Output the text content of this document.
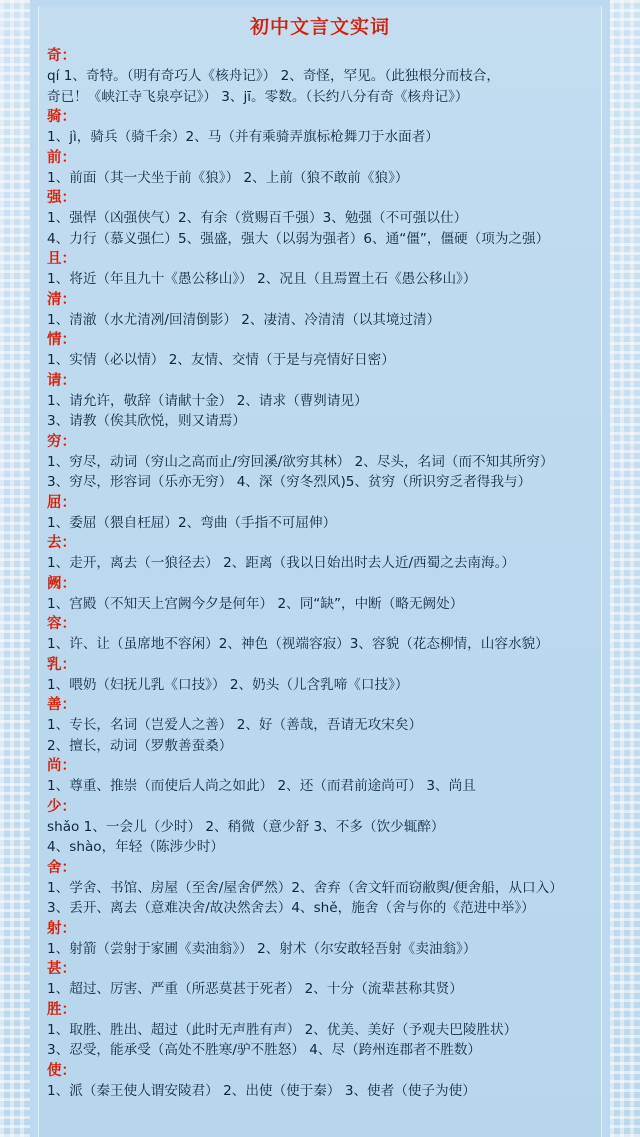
初中文言文实词
奇：
qí 1、奇特。（明有奇巧人《核舟记》） 2、奇怪，罕见。（此独根分而枝合，
奇已！《峡江寺飞泉亭记》） 3、jī。零数。（长约八分有奇《核舟记》）
骑：
1、jì，骑兵（骑千余）2、马（并有乘骑弄旗标枪舞刀于水面者）
前：
1、前面（其一犬坐于前《狼》） 2、上前（狼不敢前《狼》）
强：
1、强悍（凶强侠气）2、有余（赏赐百千强）3、勉强（不可强以仕）
4、力行（慕义强仁）5、强盛，强大（以弱为强者）6、通“僵”，僵硬（项为之强）
且：
1、将近（年且九十《愚公移山》） 2、况且（且焉置土石《愚公移山》）
清：
1、清澈（水尤清冽/回清倒影） 2、凄清、冷清清（以其境过清）
情：
1、实情（必以情） 2、友情、交情（于是与亮情好日密）
请：
1、请允许，敬辞（请献十金） 2、请求（曹刿请见）
3、请教（俟其欣悦，则又请焉）
穷：
1、穷尽，动词（穷山之高而止/穷回溪/欲穷其林） 2、尽头，名词（而不知其所穷）
3、穷尽，形容词（乐亦无穷） 4、深（穷冬烈风)5、贫穷（所识穷乏者得我与）
屈：
1、委屈（猥自枉屈）2、弯曲（手指不可屈伸）
去：
1、走开，离去（一狼径去） 2、距离（我以日始出时去人近/西蜀之去南海。）
阙：
1、宫殿（不知天上宫阙今夕是何年） 2、同“缺”，中断（略无阙处）
容：
1、许、让（虽席地不容闲）2、神色（视端容寂）3、容貌（花态柳情，山容水貌）
乳：
1、喂奶（妇抚儿乳《口技》） 2、奶头（儿含乳啼《口技》）
善：
1、专长，名词（岂爱人之善） 2、好（善哉，吾请无攻宋矣）
2、擅长，动词（罗敷善蚕桑）
尚：
1、尊重、推崇（而使后人尚之如此） 2、还（而君前途尚可） 3、尚且
少：
shǎo 1、一会儿（少时） 2、稍微（意少舒 3、不多（饮少辄醉）
4、shào，年轻（陈涉少时）
舍：
1、学舍、书馆、房屋（至舍/屋舍俨然）2、舍弃（舍文轩而窃敝舆/便舍船，从口入）
3、丢开、离去（意难决舍/故决然舍去）4、shě，施舍（舍与你的《范进中举》）
射：
1、射箭（尝射于家圃《卖油翁》） 2、射术（尔安敢轻吾射《卖油翁》）
甚：
1、超过、厉害、严重（所恶莫甚于死者） 2、十分（流辈甚称其贤）
胜：
1、取胜、胜出、超过（此时无声胜有声） 2、优美、美好（予观夫巴陵胜状）
3、忍受，能承受（高处不胜寒/驴不胜怒） 4、尽（跨州连郡者不胜数）
使：
1、派（秦王使人谓安陵君） 2、出使（使于秦） 3、使者（使子为使）
